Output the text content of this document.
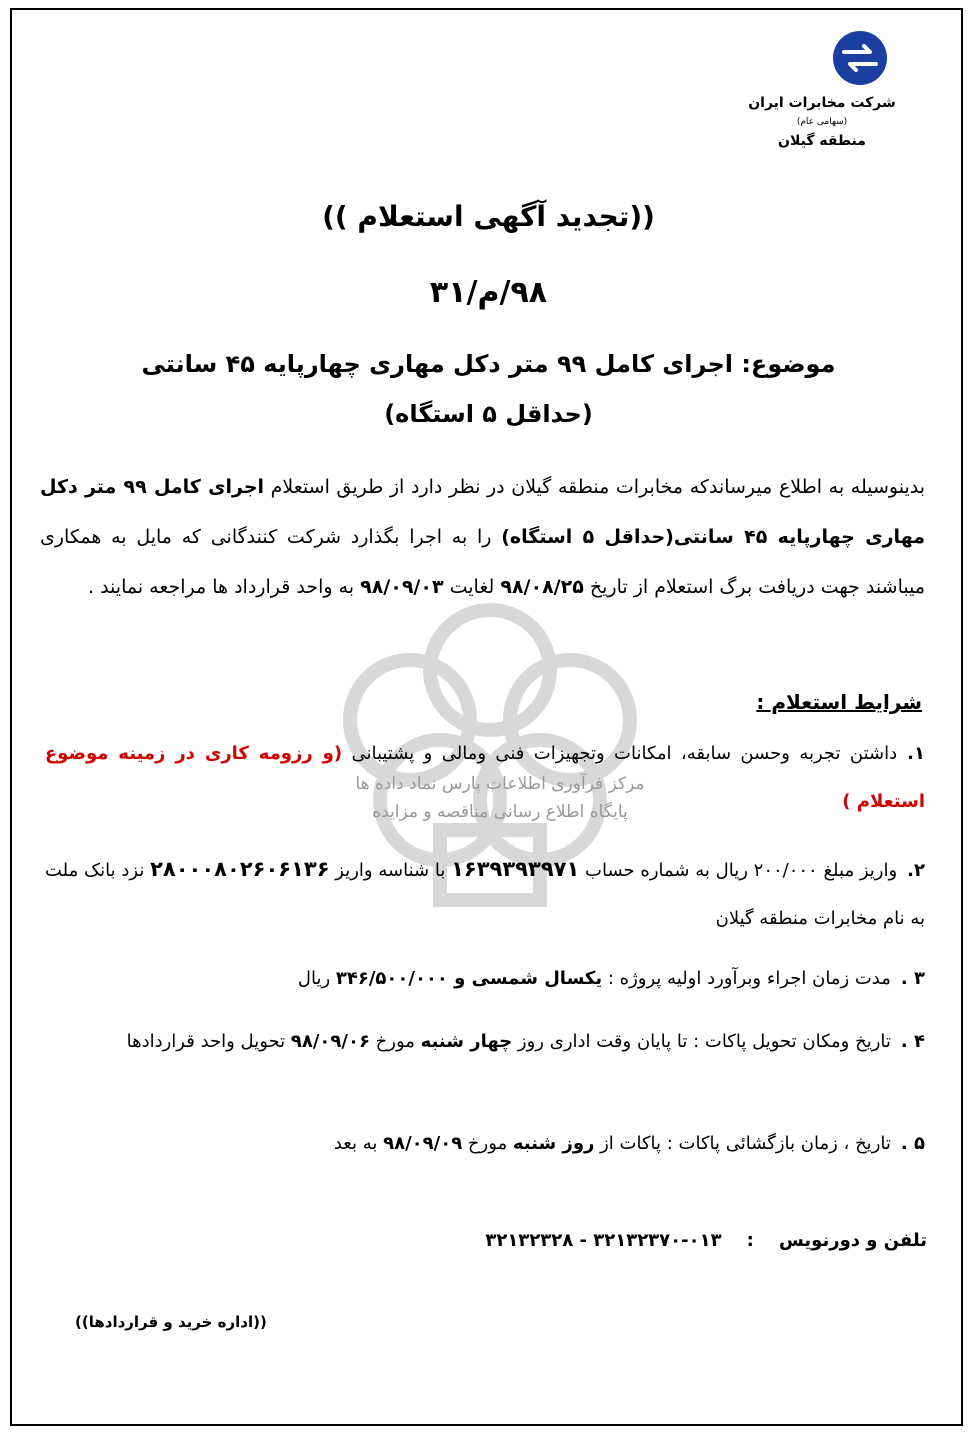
شرکت مخابرات ایران
(سهامی عام)
منطقه گیلان
مرکز فرآوری اطلاعات پارس نماد داده ها
پایگاه اطلاع رسانی مناقصه و مزایده
((تجدید آگهی استعلام ))
۹۸/م/۳۱
موضوع: اجرای کامل ۹۹ متر دکل مهاری چهارپایه ۴۵ سانتی
(حداقل ۵ استگاه)
بدینوسیله به اطلاع میرساندکه مخابرات منطقه گیلان در نظر دارد از طریق استعلام اجرای کامل ۹۹ متر دکل مهاری چهارپایه ۴۵ سانتی(حداقل ۵ استگاه) را به اجرا بگذارد شرکت کنندگانی که مایل به همکاری میباشند جهت دریافت برگ استعلام از تاریخ ۹۸/۰۸/۲۵ لغایت ۹۸/۰۹/۰۳ به واحد قرارداد ها مراجعه نمایند .
شرایط استعلام :
۱.داشتن تجربه وحسن سابقه، امکانات وتجهیزات فنی ومالی و پشتیبانی (و رزومه کاری در زمینه موضوع استعلام )
۲.واریز مبلغ ۲۰۰/۰۰۰ ریال به شماره حساب ۱۶۳۹۳۹۳۹۷۱ با شناسه واریز ۲۸۰۰۰۸۰۲۶۰۶۱۳۶ نزد بانک ملت به نام مخابرات منطقه گیلان
۳ .مدت زمان اجراء وبرآورد اولیه پروژه : یکسال شمسی و ۳۴۶/۵۰۰/۰۰۰ ریال
۴ .تاریخ ومکان تحویل پاکات : تا پایان وقت اداری روز چهار شنبه مورخ ۹۸/۰۹/۰۶ تحویل واحد قراردادها
۵ .تاریخ ، زمان بازگشائی پاکات : پاکات از روز شنبه مورخ ۹۸/۰۹/۰۹ به بعد
تلفن و دورنویس    :    ۰۱۳-۳۲۱۳۲۳۷۰ - ۳۲۱۳۲۳۲۸
((اداره خرید و قراردادها))
